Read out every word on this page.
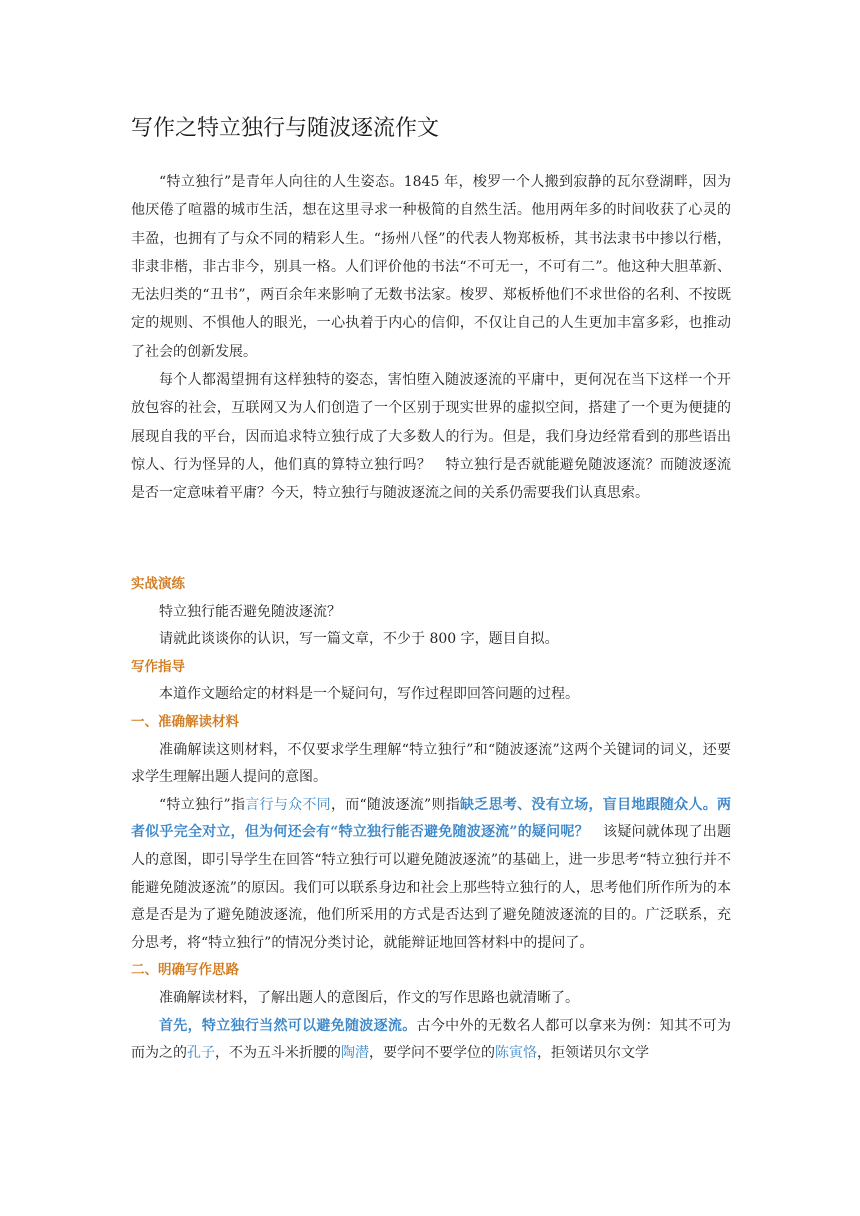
写作之特立独行与随波逐流作文

“特立独行”是青年人向往的人生姿态。1845 年，梭罗一个人搬到寂静的瓦尔登湖畔，因为他厌倦了喧嚣的城市生活，想在这里寻求一种极简的自然生活。他用两年多的时间收获了心灵的丰盈，也拥有了与众不同的精彩人生。“扬州八怪”的代表人物郑板桥，其书法隶书中掺以行楷，非隶非楷，非古非今，别具一格。人们评价他的书法“不可无一，不可有二”。他这种大胆革新、无法归类的“丑书”，两百余年来影响了无数书法家。梭罗、郑板桥他们不求世俗的名利、不按既定的规则、不惧他人的眼光，一心执着于内心的信仰，不仅让自己的人生更加丰富多彩，也推动了社会的创新发展。

每个人都渴望拥有这样独特的姿态，害怕堕入随波逐流的平庸中，更何况在当下这样一个开放包容的社会，互联网又为人们创造了一个区别于现实世界的虚拟空间，搭建了一个更为便捷的展现自我的平台，因而追求特立独行成了大多数人的行为。但是，我们身边经常看到的那些语出惊人、行为怪异的人，他们真的算特立独行吗？　特立独行是否就能避免随波逐流？而随波逐流是否一定意味着平庸？今天，特立独行与随波逐流之间的关系仍需要我们认真思索。

实战演练

特立独行能否避免随波逐流？

请就此谈谈你的认识，写一篇文章，不少于 800 字，题目自拟。

写作指导

本道作文题给定的材料是一个疑问句，写作过程即回答问题的过程。

一、准确解读材料

准确解读这则材料，不仅要求学生理解“特立独行”和“随波逐流”这两个关键词的词义，还要求学生理解出题人提问的意图。

“特立独行”指言行与众不同，而“随波逐流”则指缺乏思考、没有立场，盲目地跟随众人。两者似乎完全对立，但为何还会有“特立独行能否避免随波逐流”的疑问呢？　该疑问就体现了出题人的意图，即引导学生在回答“特立独行可以避免随波逐流”的基础上，进一步思考“特立独行并不能避免随波逐流”的原因。我们可以联系身边和社会上那些特立独行的人，思考他们所作所为的本意是否是为了避免随波逐流，他们所采用的方式是否达到了避免随波逐流的目的。广泛联系，充分思考，将“特立独行”的情况分类讨论，就能辩证地回答材料中的提问了。

二、明确写作思路

准确解读材料，了解出题人的意图后，作文的写作思路也就清晰了。

首先，特立独行当然可以避免随波逐流。古今中外的无数名人都可以拿来为例：知其不可为而为之的孔子，不为五斗米折腰的陶潜，要学问不要学位的陈寅恪，拒领诺贝尔文学
